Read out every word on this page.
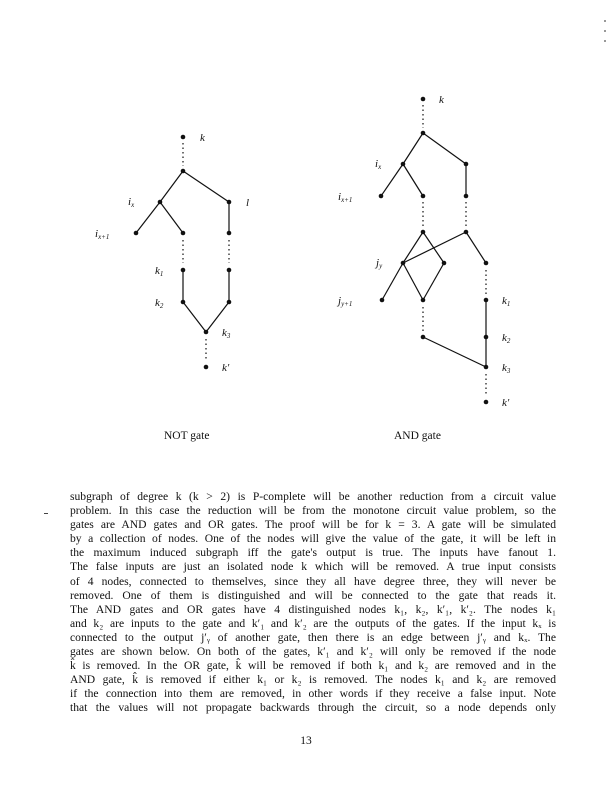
k
ix
ix+1
l
k1
k2
k3
k′
k
ix
ix+1
jy
jy+1	k1
k2
k3
k′
NOT gate	AND gate
subgraph of degree k (k > 2) is P-complete will be another reduction from a circuit value
problem. In this case the reduction will be from the monotone circuit value problem, so the
gates are AND gates and OR gates. The proof will be for k = 3. A gate will be simulated
by a collection of nodes. One of the nodes will give the value of the gate, it will be left in
the maximum induced subgraph iff the gate's output is true. The inputs have fanout 1.
The false inputs are just an isolated node k which will be removed. A true input consists
of 4 nodes, connected to themselves, since they all have degree three, they will never be
removed. One of them is distinguished and will be connected to the gate that reads it.
The AND gates and OR gates have 4 distinguished nodes k₁, k₂, k′₁, k′₂. The nodes k₁
and k₂ are inputs to the gate and k′₁ and k′₂ are the outputs of the gates. If the input kₓ is
connected to the output j′ᵧ of another gate, then there is an edge between j′ᵧ and kₓ. The
gates are shown below. On both of the gates, k′₁ and k′₂ will only be removed if the node
k̂ is removed. In the OR gate, k̂ will be removed if both k₁ and k₂ are removed and in the
AND gate, k̂ is removed if either k₁ or k₂ is removed. The nodes k₁ and k₂ are removed
if the connection into them are removed, in other words if they receive a false input. Note
that the values will not propagate backwards through the circuit, so a node depends only
13
